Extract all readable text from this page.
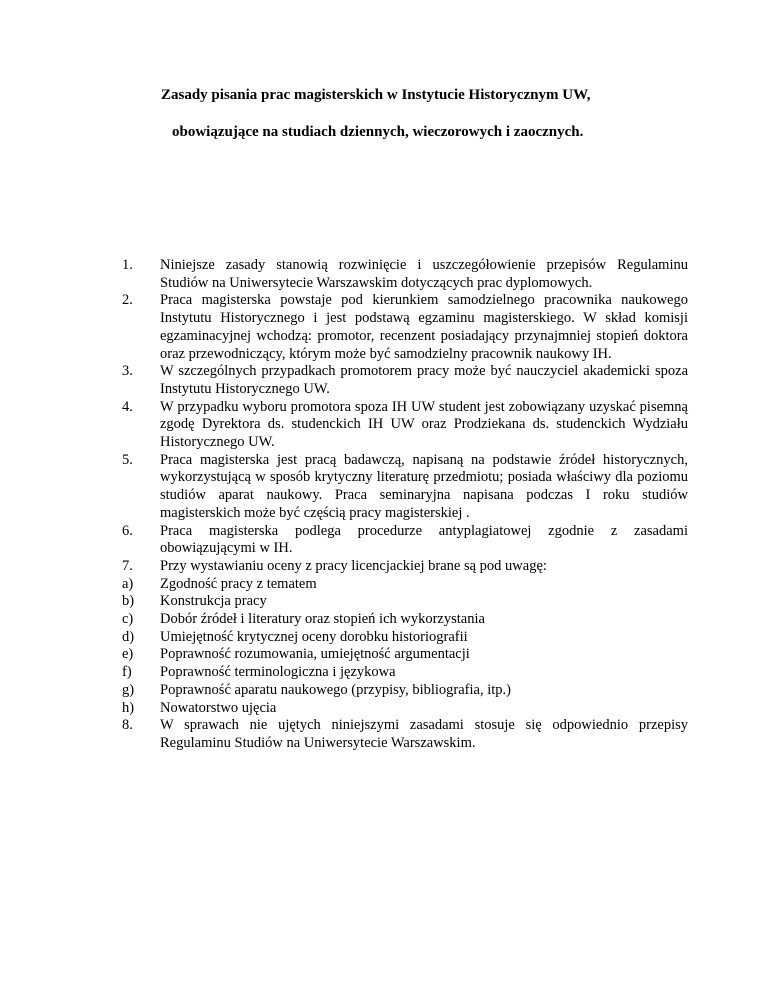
Zasady pisania prac magisterskich w Instytucie Historycznym UW,
obowiązujące na studiach dziennych, wieczorowych i zaocznych.
1.	Niniejsze zasady stanowią rozwinięcie i uszczegółowienie przepisów Regulaminu Studiów na Uniwersytecie Warszawskim dotyczących prac dyplomowych.
2.	Praca magisterska powstaje pod kierunkiem samodzielnego pracownika naukowego Instytutu Historycznego i jest podstawą egzaminu magisterskiego. W skład komisji egzaminacyjnej wchodzą: promotor, recenzent posiadający przynajmniej stopień doktora oraz przewodniczący, którym może być samodzielny pracownik naukowy IH.
3.	W szczególnych przypadkach promotorem pracy może być nauczyciel akademicki spoza Instytutu Historycznego UW.
4.	W przypadku wyboru promotora spoza IH UW student jest zobowiązany uzyskać pisemną zgodę Dyrektora ds. studenckich IH UW oraz Prodziekana ds. studenckich Wydziału Historycznego UW.
5.	Praca magisterska jest pracą badawczą, napisaną na podstawie źródeł historycznych, wykorzystującą w sposób krytyczny literaturę przedmiotu; posiada właściwy dla poziomu studiów aparat naukowy. Praca seminaryjna napisana podczas I roku studiów magisterskich może być częścią pracy magisterskiej .
6.	Praca magisterska podlega procedurze antyplagiatowej zgodnie z zasadami obowiązującymi w IH.
7.	Przy wystawianiu oceny z pracy licencjackiej brane są pod uwagę:
a)	Zgodność pracy z tematem
b)	Konstrukcja pracy
c)	Dobór źródeł i literatury oraz stopień ich wykorzystania
d)	Umiejętność krytycznej oceny dorobku historiografii
e)	Poprawność rozumowania, umiejętność argumentacji
f)	Poprawność terminologiczna i językowa
g)	Poprawność aparatu naukowego (przypisy, bibliografia, itp.)
h)	Nowatorstwo ujęcia
8.	W sprawach nie ujętych niniejszymi zasadami stosuje się odpowiednio przepisy Regulaminu Studiów na Uniwersytecie Warszawskim.
